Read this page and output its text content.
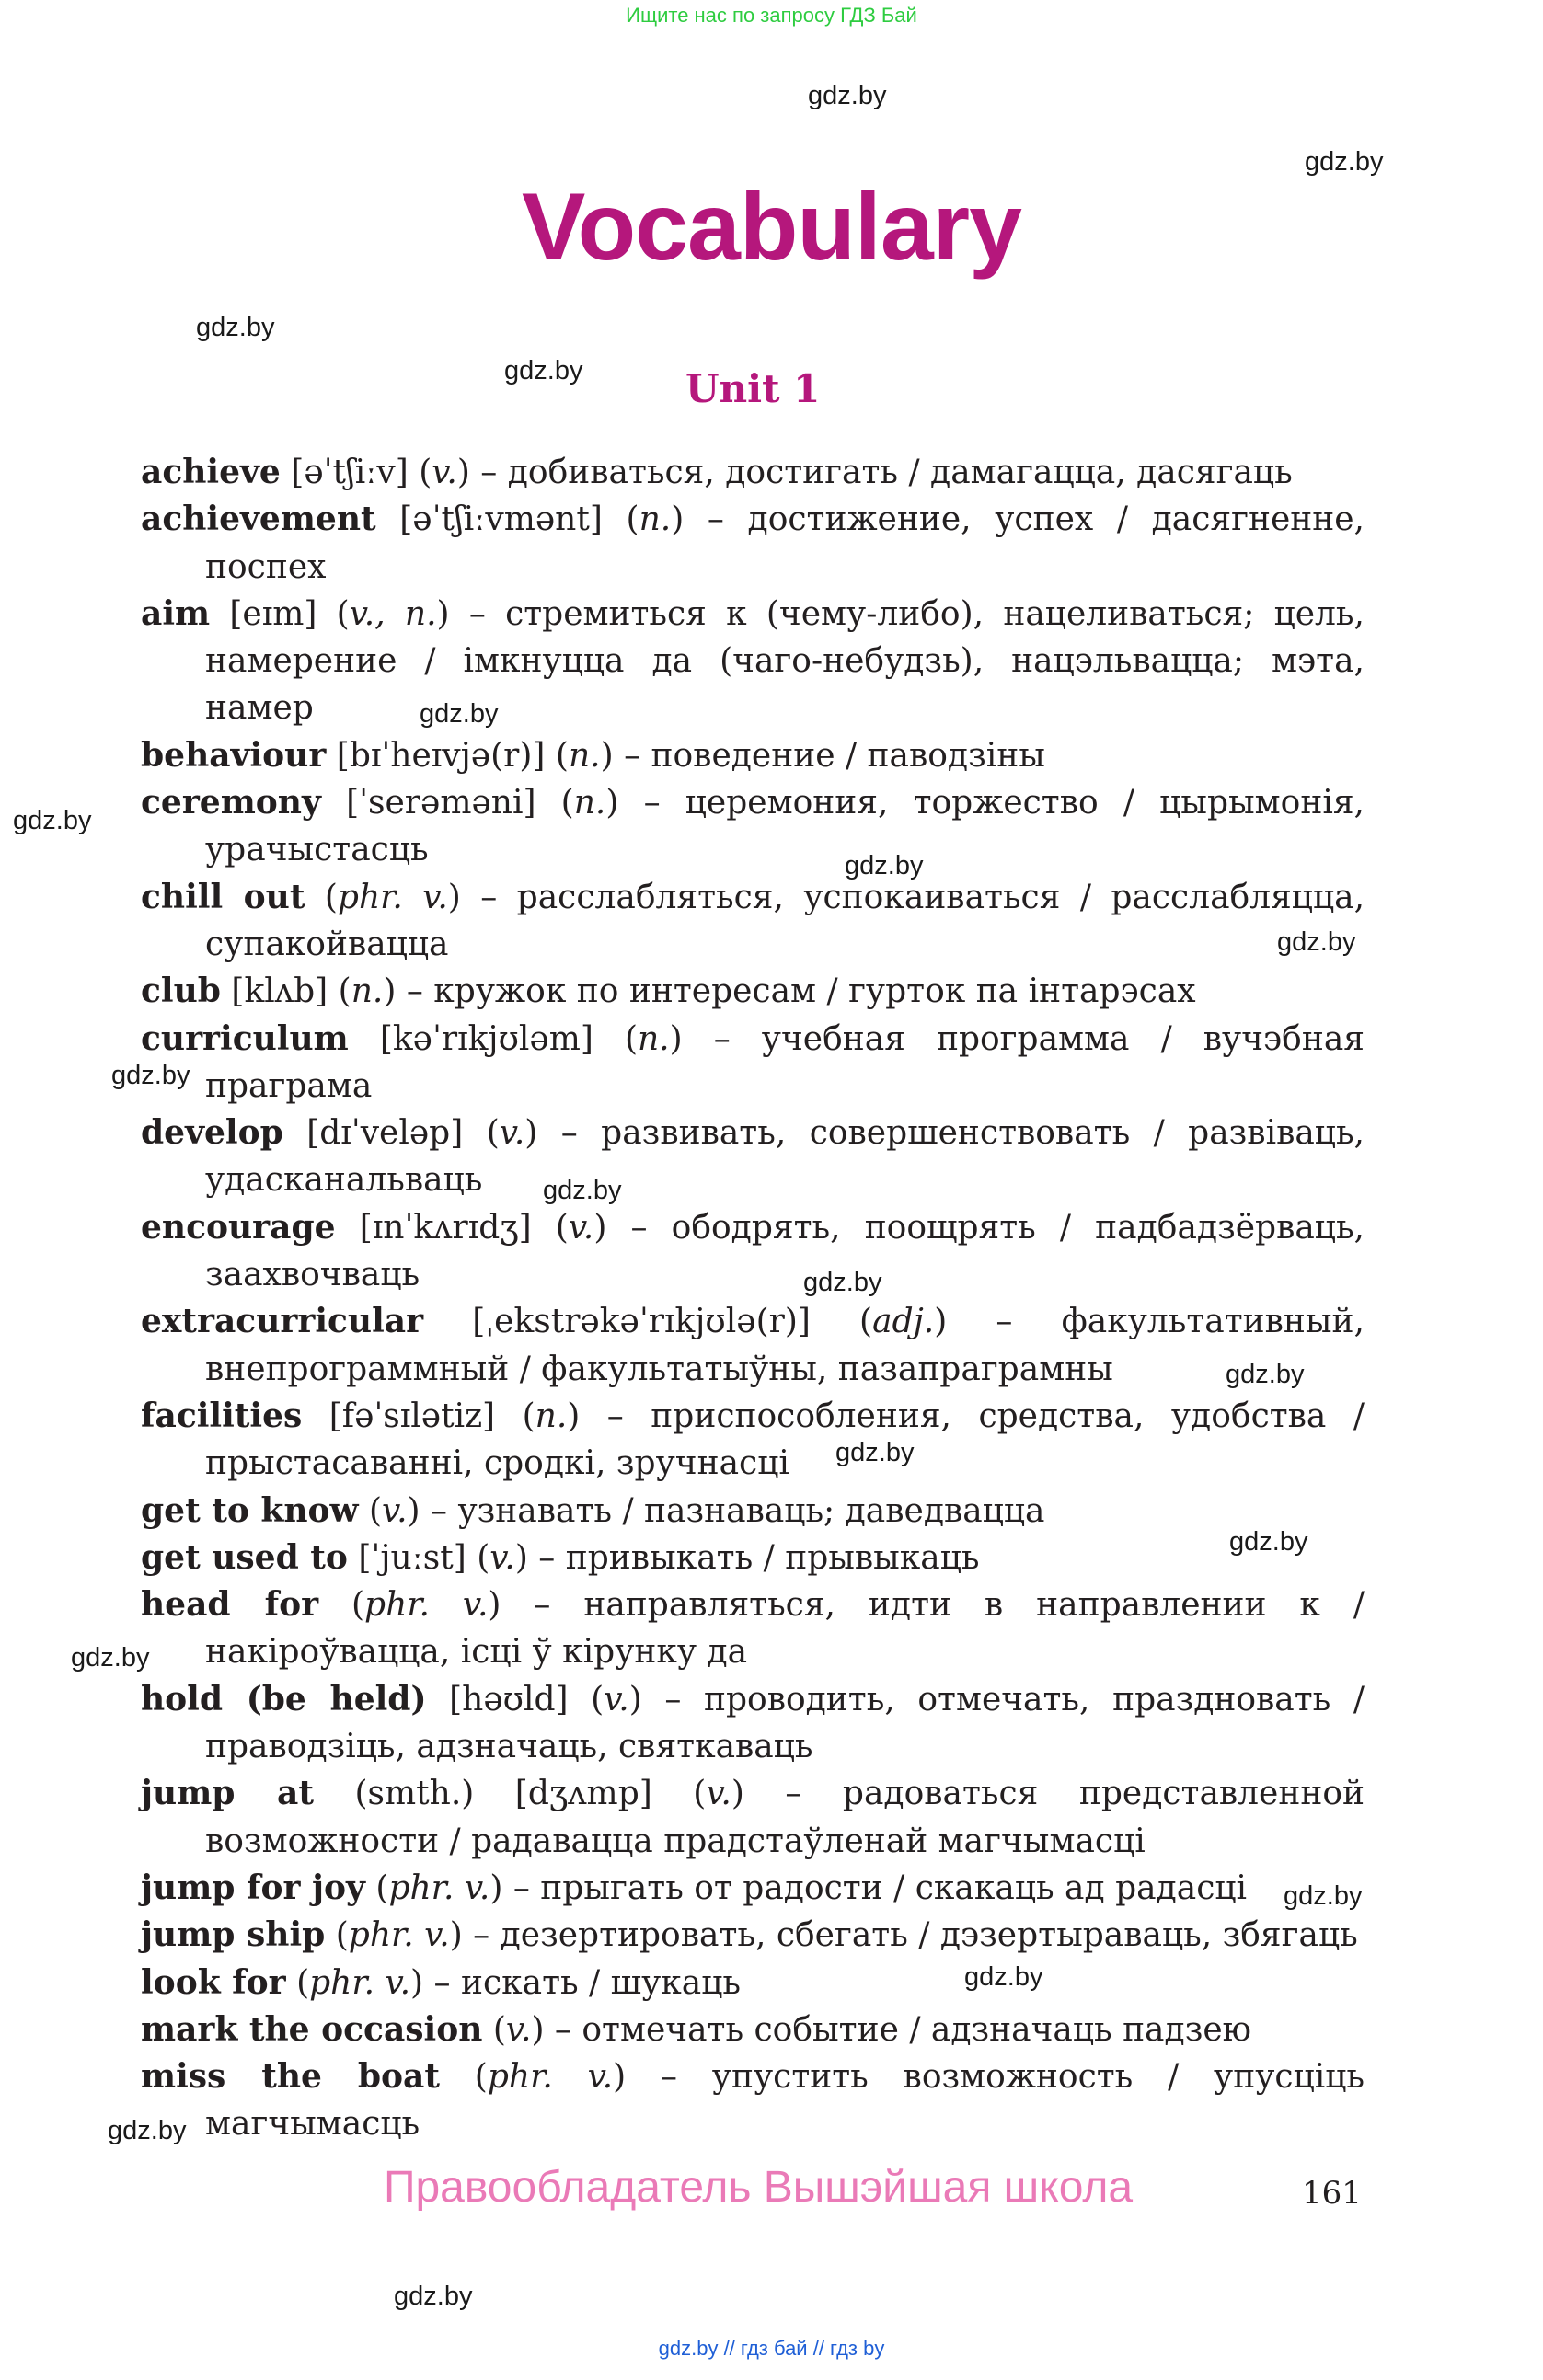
Ищите нас по запросу ГДЗ Бай
gdz.by
gdz.by
gdz.by
gdz.by
gdz.by
gdz.by
gdz.by
gdz.by
gdz.by
gdz.by
gdz.by
gdz.by
gdz.by
gdz.by
gdz.by
gdz.by
gdz.by
gdz.by
gdz.by
Vocabulary
Unit 1
achieve [əˈtʃiːv] (v.) – добиваться, достигать / дамагацца, дасягаць
achievement [əˈtʃiːvmənt] (n.) – достижение, успех / дасягненне, поспех
aim [eɪm] (v., n.) – стремиться к (чему-либо), нацеливаться; цель, намерение / імкнуцца да (чаго-небудзь), нацэльвацца; мэта, намер
behaviour [bɪˈheɪvjə(r)] (n.) – поведение / паводзіны
ceremony [ˈserəməni] (n.) – церемония, торжество / цырымонія, урачыстасць
chill out (phr. v.) – расслабляться, успокаиваться / расслабляцца, супакойвацца
club [klʌb] (n.) – кружок по интересам / гурток па інтарэсах
curriculum [kəˈrɪkjʊləm] (n.) – учебная программа / вучэбная праграма
develop [dɪˈveləp] (v.) – развивать, совершенствовать / развіваць, удасканальваць
encourage [ɪnˈkʌrɪdʒ] (v.) – ободрять, поощрять / падбадзёрваць, заахвочваць
extracurricular [ˌekstrəkəˈrɪkjʊlə(r)] (adj.) – факультативный, внепрограммный / факультатыўны, пазапраграмны
facilities [fəˈsɪlətiz] (n.) – приспособления, средства, удобства / прыстасаванні, сродкі, зручнасці
get to know (v.) – узнавать / пазнаваць; даведвацца
get used to [ˈjuːst] (v.) – привыкать / прывыкаць
head for (phr. v.) – направляться, идти в направлении к / накіроўвацца, ісці ў кірунку да
hold (be held) [həʊld] (v.) – проводить, отмечать, праздновать / праводзіць, адзначаць, святкаваць
jump at (smth.) [dʒʌmp] (v.) – радоваться представленной возможности / радавацца прадстаўленай магчымасці
jump for joy (phr. v.) – прыгать от радости / скакаць ад радасці
jump ship (phr. v.) – дезертировать, сбегать / дэзертыраваць, збягаць
look for (phr. v.) – искать / шукаць
mark the occasion (v.) – отмечать событие / адзначаць падзею
miss the boat (phr. v.) – упустить возможность / упусціць магчымасць
Правообладатель Вышэйшая школа	161
gdz.by // гдз бай // гдз by
